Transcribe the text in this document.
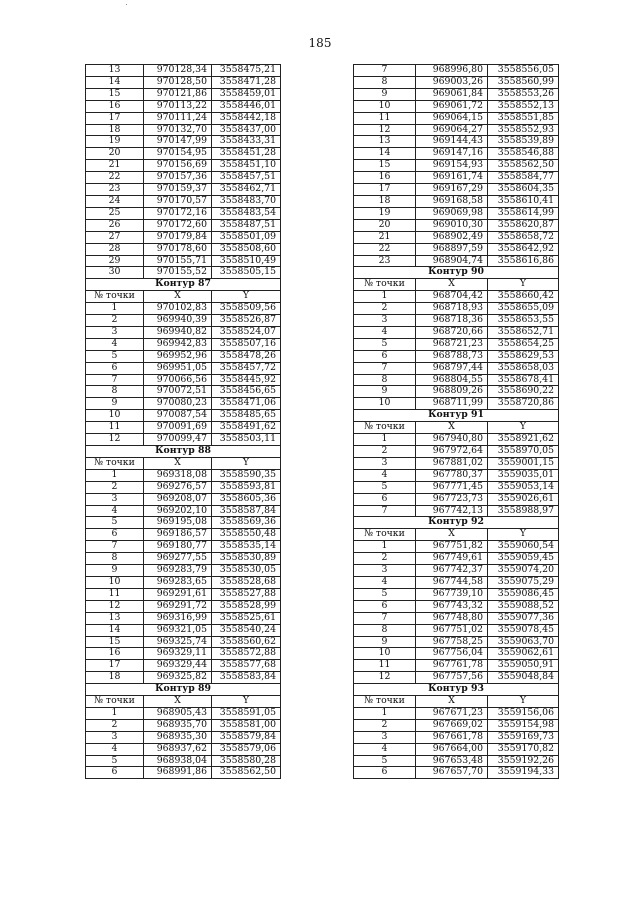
185
13	970128,34	3558475,21
14	970128,50	3558471,28
15	970121,86	3558459,01
16	970113,22	3558446,01
17	970111,24	3558442,18
18	970132,70	3558437,00
19	970147,99	3558433,31
20	970154,95	3558451,28
21	970156,69	3558451,10
22	970157,36	3558457,51
23	970159,37	3558462,71
24	970170,57	3558483,70
25	970172,16	3558483,54
26	970172,60	3558487,51
27	970179,84	3558501,09
28	970178,60	3558508,60
29	970155,71	3558510,49
30	970155,52	3558505,15
Контур 87		
№ точки	X	Y
1	970102,83	3558509,56
2	969940,39	3558526,87
3	969940,82	3558524,07
4	969942,83	3558507,16
5	969952,96	3558478,26
6	969951,05	3558457,72
7	970066,56	3558445,92
8	970072,51	3558456,65
9	970080,23	3558471,06
10	970087,54	3558485,65
11	970091,69	3558491,62
12	970099,47	3558503,11
Контур 88		
№ точки	X	Y
1	969318,08	3558590,35
2	969276,57	3558593,81
3	969208,07	3558605,36
4	969202,10	3558587,84
5	969195,08	3558569,36
6	969186,57	3558550,48
7	969180,77	3558535,14
8	969277,55	3558530,89
9	969283,79	3558530,05
10	969283,65	3558528,68
11	969291,61	3558527,88
12	969291,72	3558528,99
13	969316,99	3558525,61
14	969321,05	3558540,24
15	969325,74	3558560,62
16	969329,11	3558572,88
17	969329,44	3558577,68
18	969325,82	3558583,84
Контур 89		
№ точки	X	Y
1	968905,43	3558591,05
2	968935,70	3558581,00
3	968935,30	3558579,84
4	968937,62	3558579,06
5	968938,04	3558580,28
6	968991,86	3558562,50
7	968996,80	3558556,05
8	969003,26	3558560,99
9	969061,84	3558553,26
10	969061,72	3558552,13
11	969064,15	3558551,85
12	969064,27	3558552,93
13	969144,43	3558539,89
14	969147,16	3558546,88
15	969154,93	3558562,50
16	969161,74	3558584,77
17	969167,29	3558604,35
18	969168,58	3558610,41
19	969069,98	3558614,99
20	969010,30	3558620,87
21	968902,49	3558658,72
22	968897,59	3558642,92
23	968904,74	3558616,86
Контур 90		
№ точки	X	Y
1	968704,42	3558660,42
2	968718,93	3558655,09
3	968718,36	3558653,55
4	968720,66	3558652,71
5	968721,23	3558654,25
6	968788,73	3558629,53
7	968797,44	3558658,03
8	968804,55	3558678,41
9	968809,26	3558690,22
10	968711,99	3558720,86
Контур 91		
№ точки	X	Y
1	967940,80	3558921,62
2	967972,64	3558970,05
3	967881,02	3559001,15
4	967780,37	3559035,01
5	967771,45	3559053,14
6	967723,73	3559026,61
7	967742,13	3558988,97
Контур 92		
№ точки	X	Y
1	967751,82	3559060,54
2	967749,61	3559059,45
3	967742,37	3559074,20
4	967744,58	3559075,29
5	967739,10	3559086,45
6	967743,32	3559088,52
7	967748,80	3559077,36
8	967751,02	3559078,45
9	967758,25	3559063,70
10	967756,04	3559062,61
11	967761,78	3559050,91
12	967757,56	3559048,84
Контур 93		
№ точки	X	Y
1	967671,23	3559156,06
2	967669,02	3559154,98
3	967661,78	3559169,73
4	967664,00	3559170,82
5	967653,48	3559192,26
6	967657,70	3559194,33
